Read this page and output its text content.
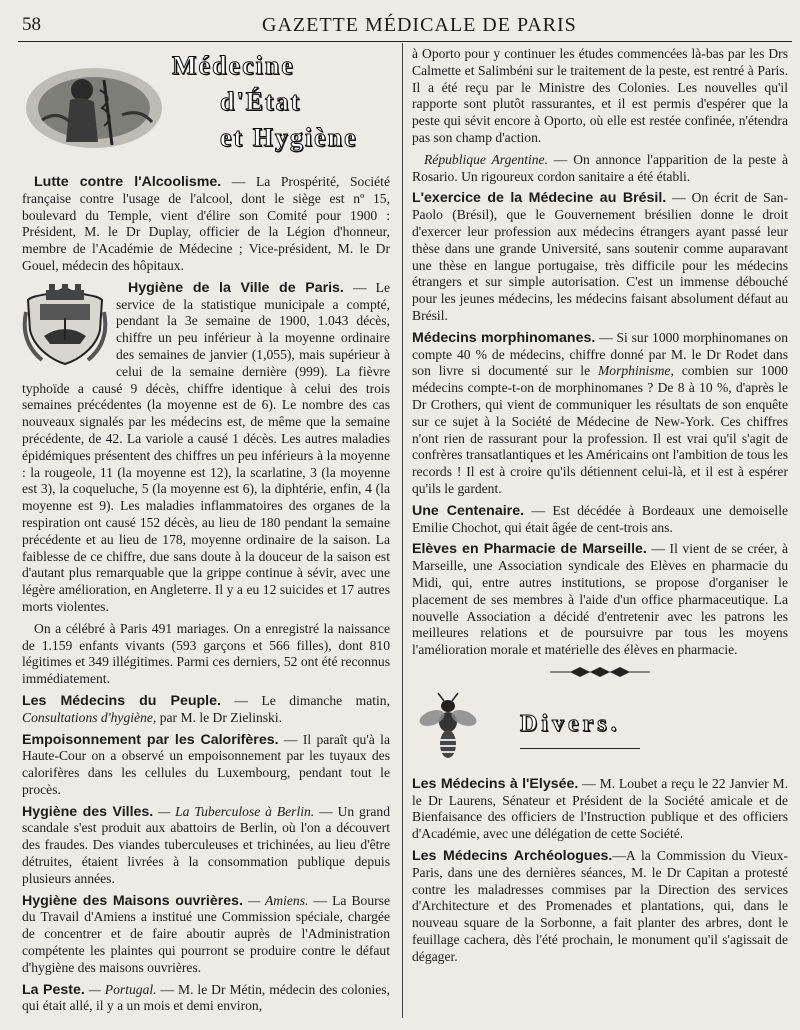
58	GAZETTE MÉDICALE DE PARIS
Médecine
d'État
et Hygiène

Lutte contre l'Alcoolisme. — La Prospérité, Société française contre l'usage de l'alcool, dont le siège est nº 15, boulevard du Temple, vient d'élire son Comité pour 1900 : Président, M. le Dr Duplay, officier de la Légion d'honneur, membre de l'Académie de Médecine ; Vice-président, M. le Dr Gouel, médecin des hôpitaux.

Hygiène de la Ville de Paris. — Le service de la statistique municipale a compté, pendant la 3e semaine de 1900, 1.043 décès, chiffre un peu inférieur à la moyenne ordinaire des semaines de janvier (1,055), mais supérieur à celui de la semaine dernière (999). La fièvre typhoïde a causé 9 décès, chiffre identique à celui des trois semaines précédentes (la moyenne est de 6). Le nombre des cas nouveaux signalés par les médecins est, de même que la semaine précédente, de 42. La variole a causé 1 décès. Les autres maladies épidémiques présentent des chiffres un peu inférieurs à la moyenne : la rougeole, 11 (la moyenne est 12), la scarlatine, 3 (la moyenne est 3), la coqueluche, 5 (la moyenne est 6), la diphtérie, enfin, 4 (la moyenne est 9). Les maladies inflammatoires des organes de la respiration ont causé 152 décès, au lieu de 180 pendant la semaine précédente et au lieu de 178, moyenne ordinaire de la saison. La faiblesse de ce chiffre, due sans doute à la douceur de la saison est d'autant plus remarquable que la grippe continue à sévir, avec une légère amélioration, en Angleterre. Il y a eu 12 suicides et 17 autres morts violentes.

On a célébré à Paris 491 mariages. On a enregistré la naissance de 1.159 enfants vivants (593 garçons et 566 filles), dont 810 légitimes et 349 illégitimes. Parmi ces derniers, 52 ont été reconnus immédiatement.

Les Médecins du Peuple. — Le dimanche matin, Consultations d'hygiène, par M. le Dr Zielinski.

Empoisonnement par les Calorifères. — Il paraît qu'à la Haute-Cour on a observé un empoisonnement par les tuyaux des calorifères dans les cellules du Luxembourg, pendant tout le procès.

Hygiène des Villes. — La Tuberculose à Berlin. — Un grand scandale s'est produit aux abattoirs de Berlin, où l'on a découvert des fraudes. Des viandes tuberculeuses et trichinées, au lieu d'être détruites, étaient livrées à la consommation publique depuis plusieurs années.

Hygiène des Maisons ouvrières. — Amiens. — La Bourse du Travail d'Amiens a institué une Commission spéciale, chargée de concentrer et de faire aboutir auprès de l'Administration compétente les plaintes qui pourront se produire contre le défaut d'hygiène des maisons ouvrières.

La Peste. — Portugal. — M. le Dr Métin, médecin des colonies, qui était allé, il y a un mois et demi environ,

à Oporto pour y continuer les études commencées là-bas par les Drs Calmette et Salimbéni sur le traitement de la peste, est rentré à Paris. Il a été reçu par le Ministre des Colonies. Les nouvelles qu'il rapporte sont plutôt rassurantes, et il est permis d'espérer que la peste qui sévit encore à Oporto, où elle est restée confinée, n'étendra pas son champ d'action.

République Argentine. — On annonce l'apparition de la peste à Rosario. Un rigoureux cordon sanitaire a été établi.

L'exercice de la Médecine au Brésil. — On écrit de San-Paolo (Brésil), que le Gouvernement brésilien donne le droit d'exercer leur profession aux médecins étrangers ayant passé leur thèse dans une grande Université, sans soutenir comme auparavant une thèse en langue portugaise, très difficile pour les médecins étrangers et sur simple autorisation. C'est un immense débouché pour les jeunes médecins, les médecins faisant absolument défaut au Brésil.

Médecins morphinomanes. — Si sur 1000 morphinomanes on compte 40 % de médecins, chiffre donné par M. le Dr Rodet dans son livre si documenté sur le Morphinisme, combien sur 1000 médecins compte-t-on de morphinomanes ? De 8 à 10 %, d'après le Dr Crothers, qui vient de communiquer les résultats de son enquête sur ce sujet à la Société de Médecine de New-York. Ces chiffres n'ont rien de rassurant pour la profession. Il est vrai qu'il s'agit de confrères transatlantiques et les Américains ont l'ambition de tous les records ! Il est à croire qu'ils détiennent celui-là, et il est à espérer qu'ils le gardent.

Une Centenaire. — Est décédée à Bordeaux une demoiselle Emilie Chochot, qui était âgée de cent-trois ans.

Elèves en Pharmacie de Marseille. — Il vient de se créer, à Marseille, une Association syndicale des Elèves en pharmacie du Midi, qui, entre autres institutions, se propose d'organiser le placement de ses membres à l'aide d'un office pharmaceutique. La nouvelle Association a décidé d'entretenir avec les patrons les meilleures relations et de poursuivre par tous les moyens l'amélioration morale et matérielle des élèves en pharmacie.

Divers.

Les Médecins à l'Elysée. — M. Loubet a reçu le 22 Janvier M. le Dr Laurens, Sénateur et Président de la Société amicale et de Bienfaisance des officiers de l'Instruction publique et des officiers d'Académie, avec une délégation de cette Société.

Les Médecins Archéologues.—A la Commission du Vieux-Paris, dans une des dernières séances, M. le Dr Capitan a protesté contre les maladresses commises par la Direction des services d'Architecture et des Promenades et plantations, qui, dans le nouveau square de la Sorbonne, a fait planter des arbres, dont le feuillage cachera, dès l'été prochain, le monument qu'il s'agissait de dégager.
